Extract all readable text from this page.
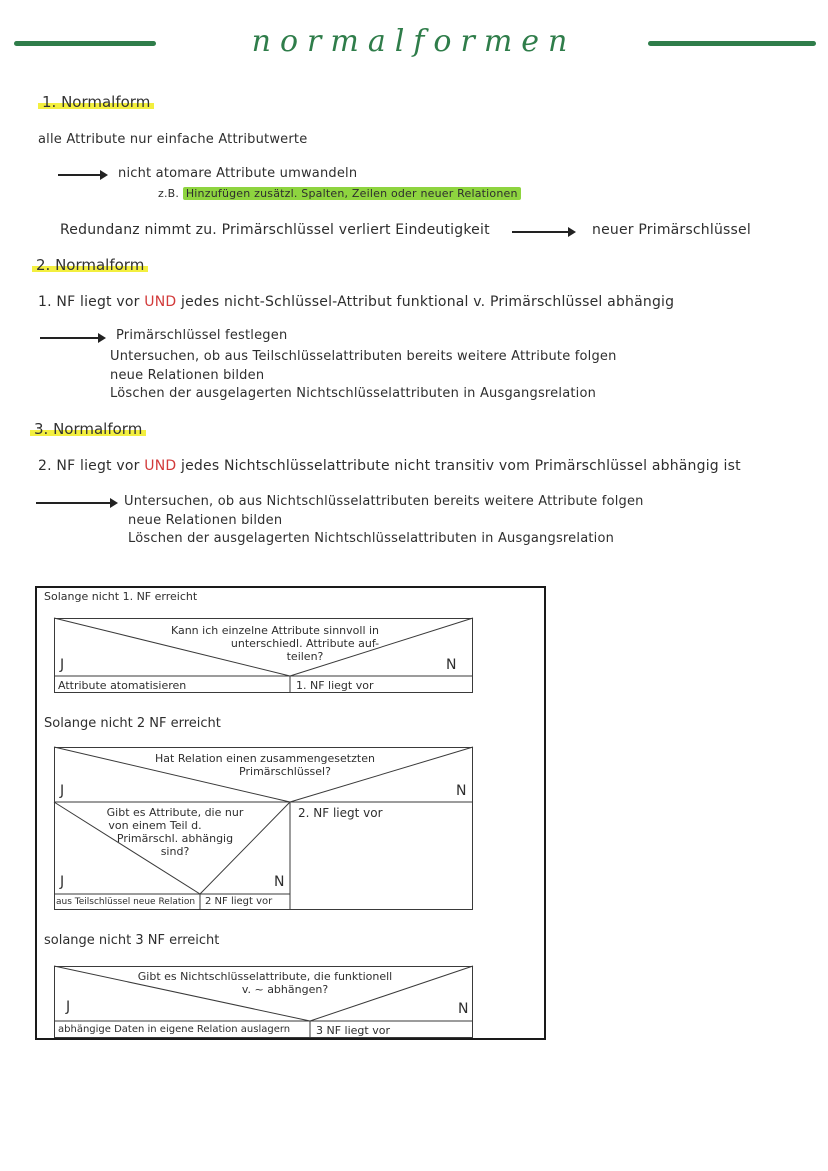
normalformen
1. Normalform
alle Attribute nur einfache Attributwerte
nicht atomare Attribute umwandeln
z.B. Hinzufügen zusätzl. Spalten, Zeilen oder neuer Relationen
Redundanz nimmt zu. Primärschlüssel verliert Eindeutigkeit	neuer Primärschlüssel
2. Normalform
1. NF liegt vor UND jedes nicht-Schlüssel-Attribut funktional v. Primärschlüssel abhängig
Primärschlüssel festlegen
Untersuchen, ob aus Teilschlüsselattributen bereits weitere Attribute folgen
neue Relationen bilden
Löschen der ausgelagerten Nichtschlüsselattributen in Ausgangsrelation
3. Normalform
2. NF liegt vor UND jedes Nichtschlüsselattribute nicht transitiv vom Primärschlüssel abhängig ist
Untersuchen, ob aus Nichtschlüsselattributen bereits weitere Attribute folgen
neue Relationen bilden
Löschen der ausgelagerten Nichtschlüsselattributen in Ausgangsrelation
Solange nicht 1. NF erreicht
Kann ich einzelne Attribute sinnvoll in
unterschiedl. Attribute auf-
teilen?
J	N
Attribute atomatisieren	1. NF liegt vor
Solange nicht 2 NF erreicht
Hat Relation einen zusammengesetzten
Primärschlüssel?
J	N
2. NF liegt vor
Gibt es Attribute, die nur
von einem Teil d.
Primärschl. abhängig
sind?
J	N
aus Teilschlüssel neue Relation 2 NF liegt vor
solange nicht 3 NF erreicht
Gibt es Nichtschlüsselattribute, die funktionell
v. ~ abhängen?
J	N
abhängige Daten in eigene Relation auslagern 3 NF liegt vor
